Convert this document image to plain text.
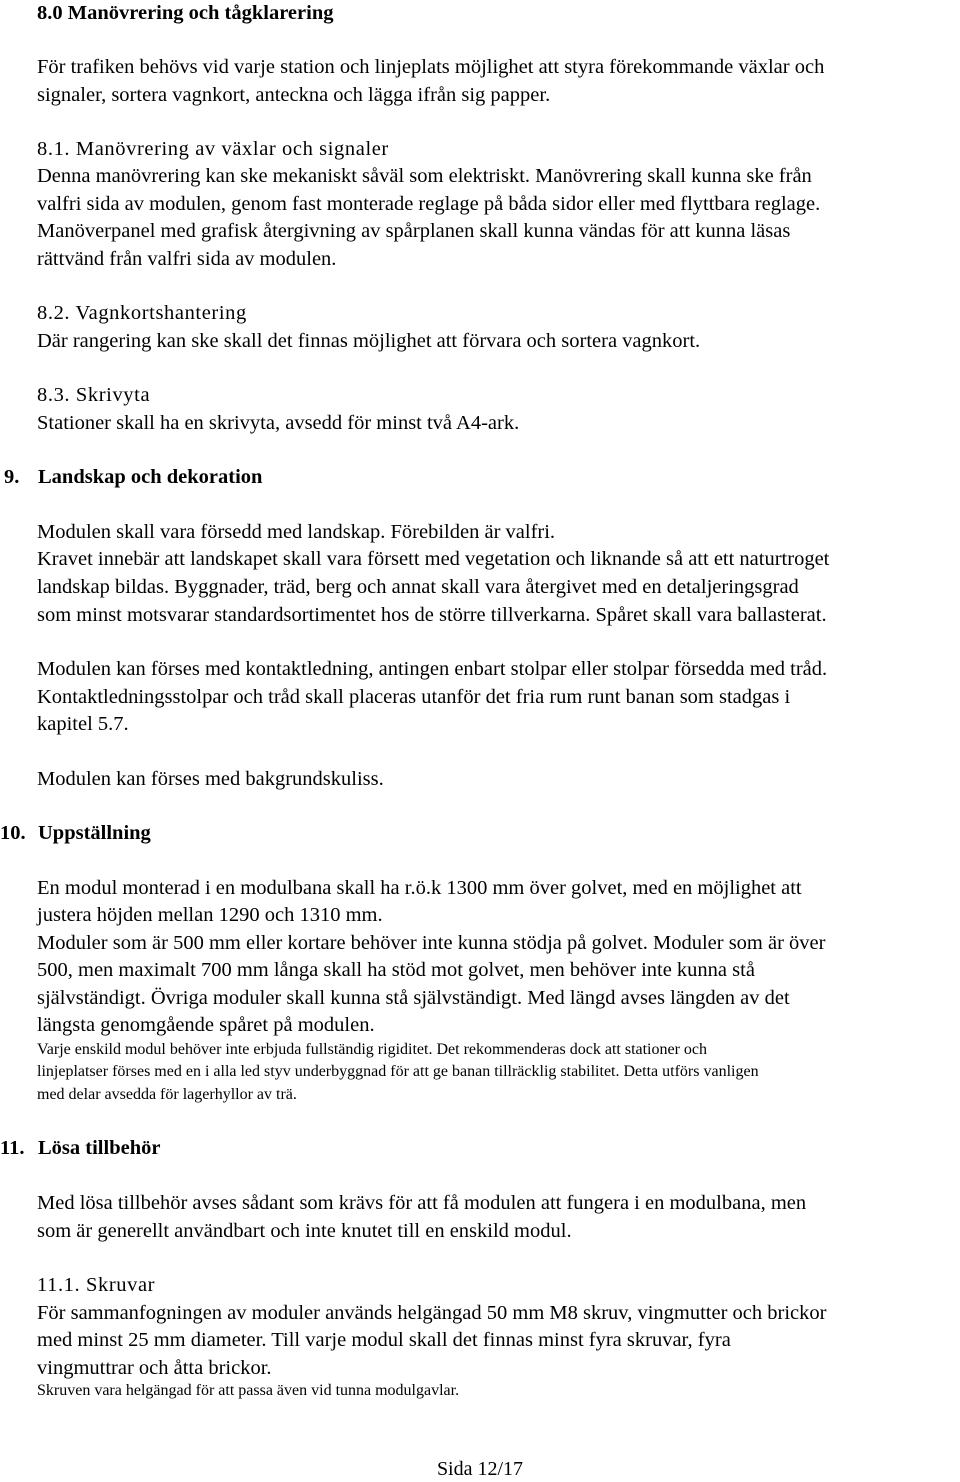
8.0 Manövrering och tågklarering
För trafiken behövs vid varje station och linjeplats möjlighet att styra förekommande växlar och
signaler, sortera vagnkort, anteckna och lägga ifrån sig papper.
8.1. Manövrering av växlar och signaler
Denna manövrering kan ske mekaniskt såväl som elektriskt. Manövrering skall kunna ske från
valfri sida av modulen, genom fast monterade reglage på båda sidor eller med flyttbara reglage.
Manöverpanel med grafisk återgivning av spårplanen skall kunna vändas för att kunna läsas
rättvänd från valfri sida av modulen.
8.2. Vagnkortshantering
Där rangering kan ske skall det finnas möjlighet att förvara och sortera vagnkort.
8.3. Skrivyta
Stationer skall ha en skrivyta, avsedd för minst två A4-ark.
9. Landskap och dekoration
Modulen skall vara försedd med landskap. Förebilden är valfri.
Kravet innebär att landskapet skall vara försett med vegetation och liknande så att ett naturtroget
landskap bildas. Byggnader, träd, berg och annat skall vara återgivet med en detaljeringsgrad
som minst motsvarar standardsortimentet hos de större tillverkarna. Spåret skall vara ballasterat.
Modulen kan förses med kontaktledning, antingen enbart stolpar eller stolpar försedda med tråd.
Kontaktledningsstolpar och tråd skall placeras utanför det fria rum runt banan som stadgas i
kapitel 5.7.
Modulen kan förses med bakgrundskuliss.
10. Uppställning
En modul monterad i en modulbana skall ha r.ö.k 1300 mm över golvet, med en möjlighet att
justera höjden mellan 1290 och 1310 mm.
Moduler som är 500 mm eller kortare behöver inte kunna stödja på golvet. Moduler som är över
500, men maximalt 700 mm långa skall ha stöd mot golvet, men behöver inte kunna stå
självständigt. Övriga moduler skall kunna stå självständigt. Med längd avses längden av det
längsta genomgående spåret på modulen.
Varje enskild modul behöver inte erbjuda fullständig rigiditet. Det rekommenderas dock att stationer och
linjeplatser förses med en i alla led styv underbyggnad för att ge banan tillräcklig stabilitet. Detta utförs vanligen
med delar avsedda för lagerhyllor av trä.
11. Lösa tillbehör
Med lösa tillbehör avses sådant som krävs för att få modulen att fungera i en modulbana, men
som är generellt användbart och inte knutet till en enskild modul.
11.1. Skruvar
För sammanfogningen av moduler används helgängad 50 mm M8 skruv, vingmutter och brickor
med minst 25 mm diameter. Till varje modul skall det finnas minst fyra skruvar, fyra
vingmuttrar och åtta brickor.
Skruven vara helgängad för att passa även vid tunna modulgavlar.
Sida 12/17
